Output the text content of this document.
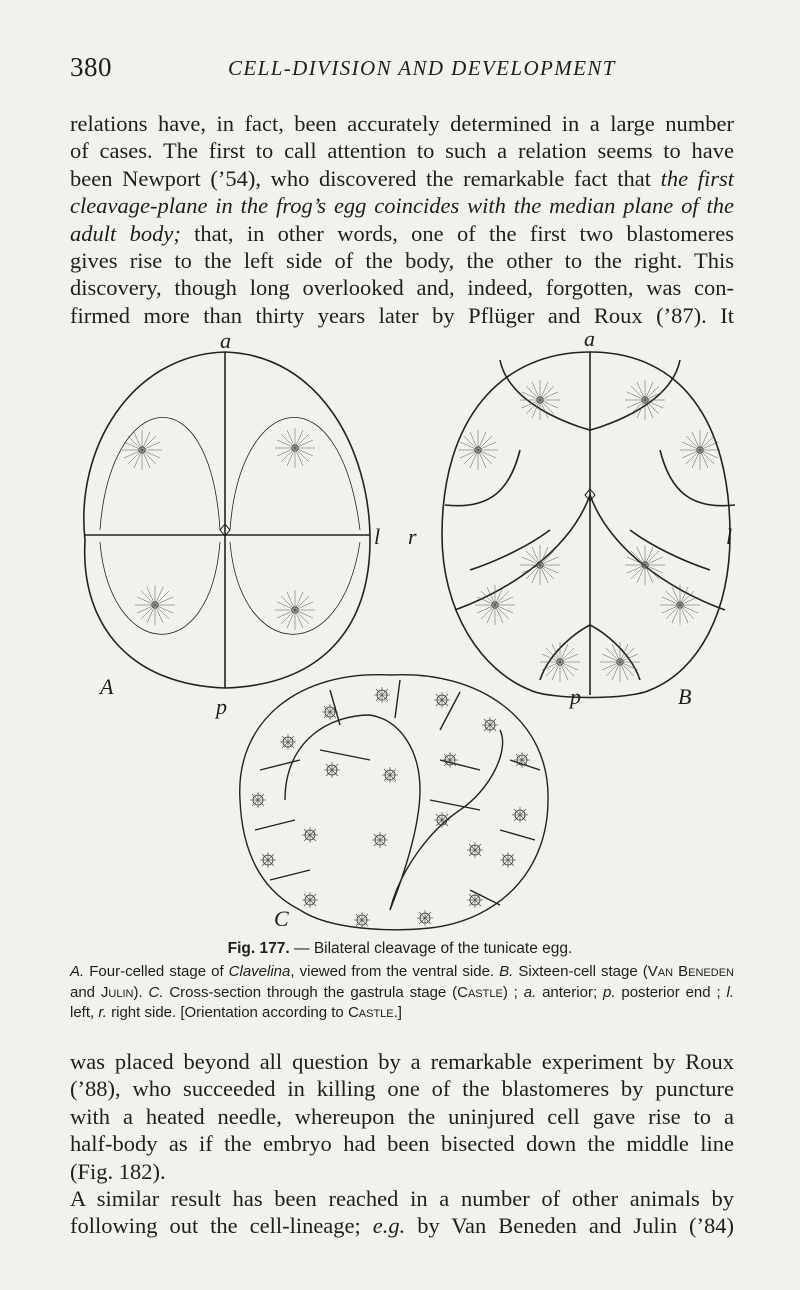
380	CELL-DIVISION AND DEVELOPMENT
relations have, in fact, been accurately determined in a large number
of cases. The first to call attention to such a relation seems to have
been Newport (’54), who discovered the remarkable fact that the first
cleavage-plane in the frog’s egg coincides with the median plane of the
adult body; that, in other words, one of the first two blastomeres
gives rise to the left side of the body, the other to the right. This
discovery, though long overlooked and, indeed, forgotten, was con-
firmed more than thirty years later by Pflüger and Roux (’87). It
a	a
l r	l
A
p	p	B
C
Fig. 177. — Bilateral cleavage of the tunicate egg.
A. Four-celled stage of Clavelina, viewed from the ventral side. B. Sixteen-cell stage (Van Beneden and Julin). C. Cross-section through the gastrula stage (Castle) ; a. anterior; p. posterior end ; l. left, r. right side. [Orientation according to Castle.]
was placed beyond all question by a remarkable experiment by Roux
(’88), who succeeded in killing one of the blastomeres by puncture
with a heated needle, whereupon the uninjured cell gave rise to a
half-body as if the embryo had been bisected down the middle line
(Fig. 182).
A similar result has been reached in a number of other animals by
following out the cell-lineage; e.g. by Van Beneden and Julin (’84)
